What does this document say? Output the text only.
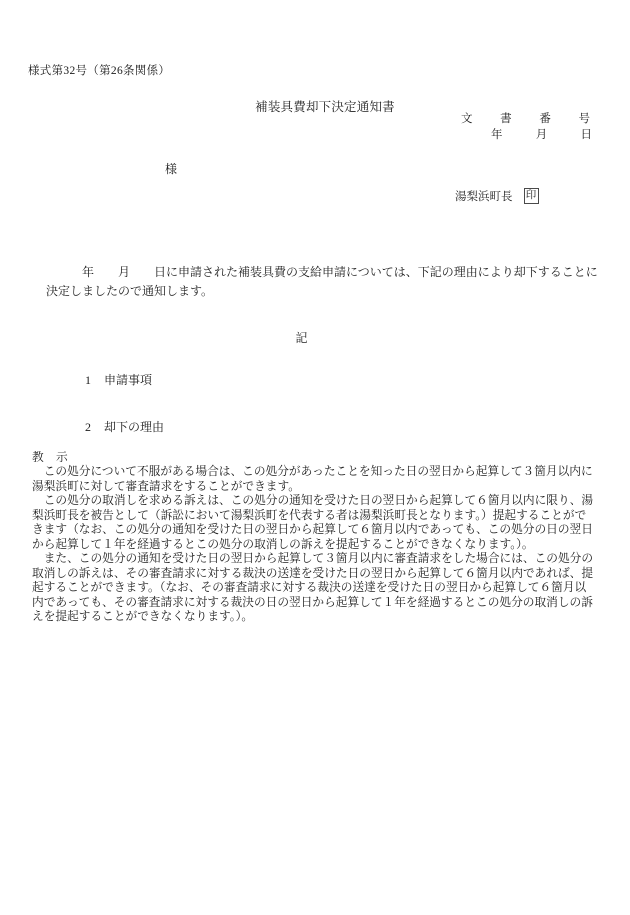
様式第32号（第26条関係）
補装具費却下決定通知書
文 書 番 号
年	月	日
様
湯梨浜町長 印
　　　年　　月　　日に申請された補装具費の支給申請については、下記の理由により却下することに
決定しましたので通知します。
記

1 申請事項

2 却下の理由

教　示
　この処分について不服がある場合は、この処分があったことを知った日の翌日から起算して３箇月以内に
湯梨浜町に対して審査請求をすることができます。
　この処分の取消しを求める訴えは、この処分の通知を受けた日の翌日から起算して６箇月以内に限り、湯
梨浜町長を被告として（訴訟において湯梨浜町を代表する者は湯梨浜町長となります。）提起することがで
きます（なお、この処分の通知を受けた日の翌日から起算して６箇月以内であっても、この処分の日の翌日
から起算して１年を経過するとこの処分の取消しの訴えを提起することができなくなります。）。
　また、この処分の通知を受けた日の翌日から起算して３箇月以内に審査請求をした場合には、この処分の
取消しの訴えは、その審査請求に対する裁決の送達を受けた日の翌日から起算して６箇月以内であれば、提
起することができます。（なお、その審査請求に対する裁決の送達を受けた日の翌日から起算して６箇月以
内であっても、その審査請求に対する裁決の日の翌日から起算して１年を経過するとこの処分の取消しの訴
えを提起することができなくなります。）。
